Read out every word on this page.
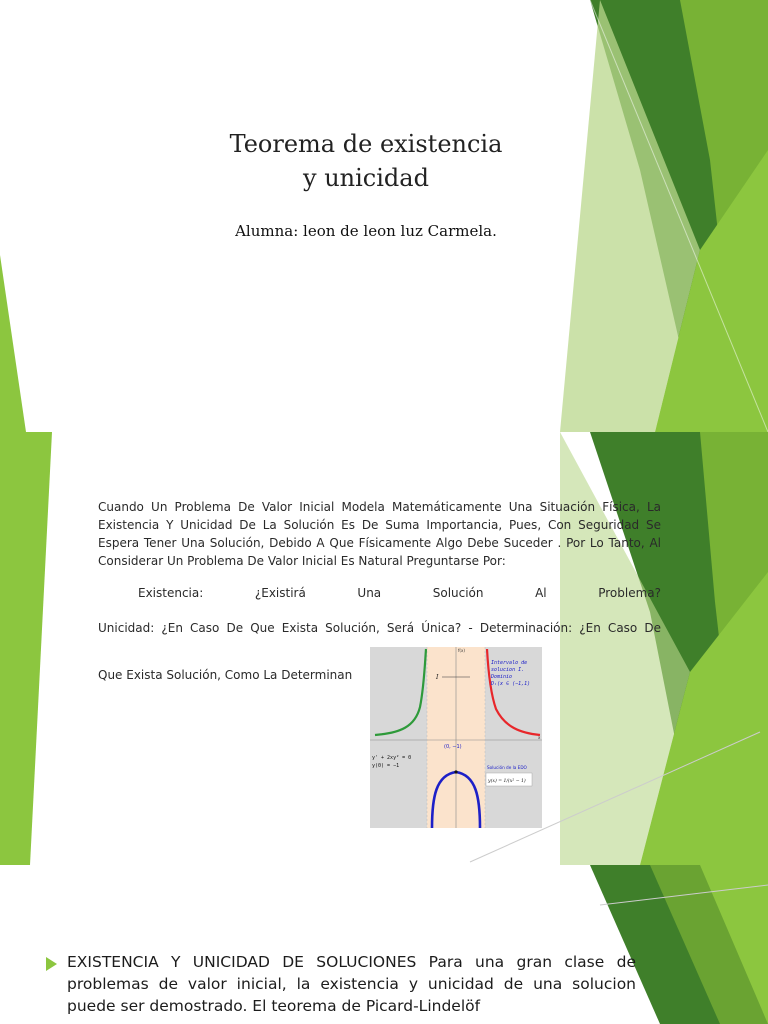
Teorema de existencia
y unicidad
Alumna: leon de leon luz Carmela.
Cuando Un Problema De Valor Inicial Modela Matemáticamente Una Situación Física, La Existencia Y Unicidad De La Solución Es De Suma Importancia, Pues, Con Seguridad Se Espera Tener Una Solución, Debido A Que Físicamente Algo Debe Suceder . Por Lo Tanto, Al Considerar Un Problema De Valor Inicial Es Natural Preguntarse Por:
Existencia: ¿Existirá Una Solución Al Problema?
Unicidad: ¿En Caso De Que Exista Solución, Será Única? - Determinación: ¿En Caso De
Que Exista Solución, Como La Determinan	I
f(x)
x
Intervalo de
solucion I.
Dominio
Dₗ(x ∈ (−1,1)
(0, −1)
y' + 2xy² = 0
y(0) = −1	Solución de la EDO
y(x) = 1/(x² − 1)
EXISTENCIA Y UNICIDAD DE SOLUCIONES Para una gran clase de problemas de valor inicial, la existencia y unicidad de una solucion puede ser demostrado. El teorema de Picard-Lindelöf
